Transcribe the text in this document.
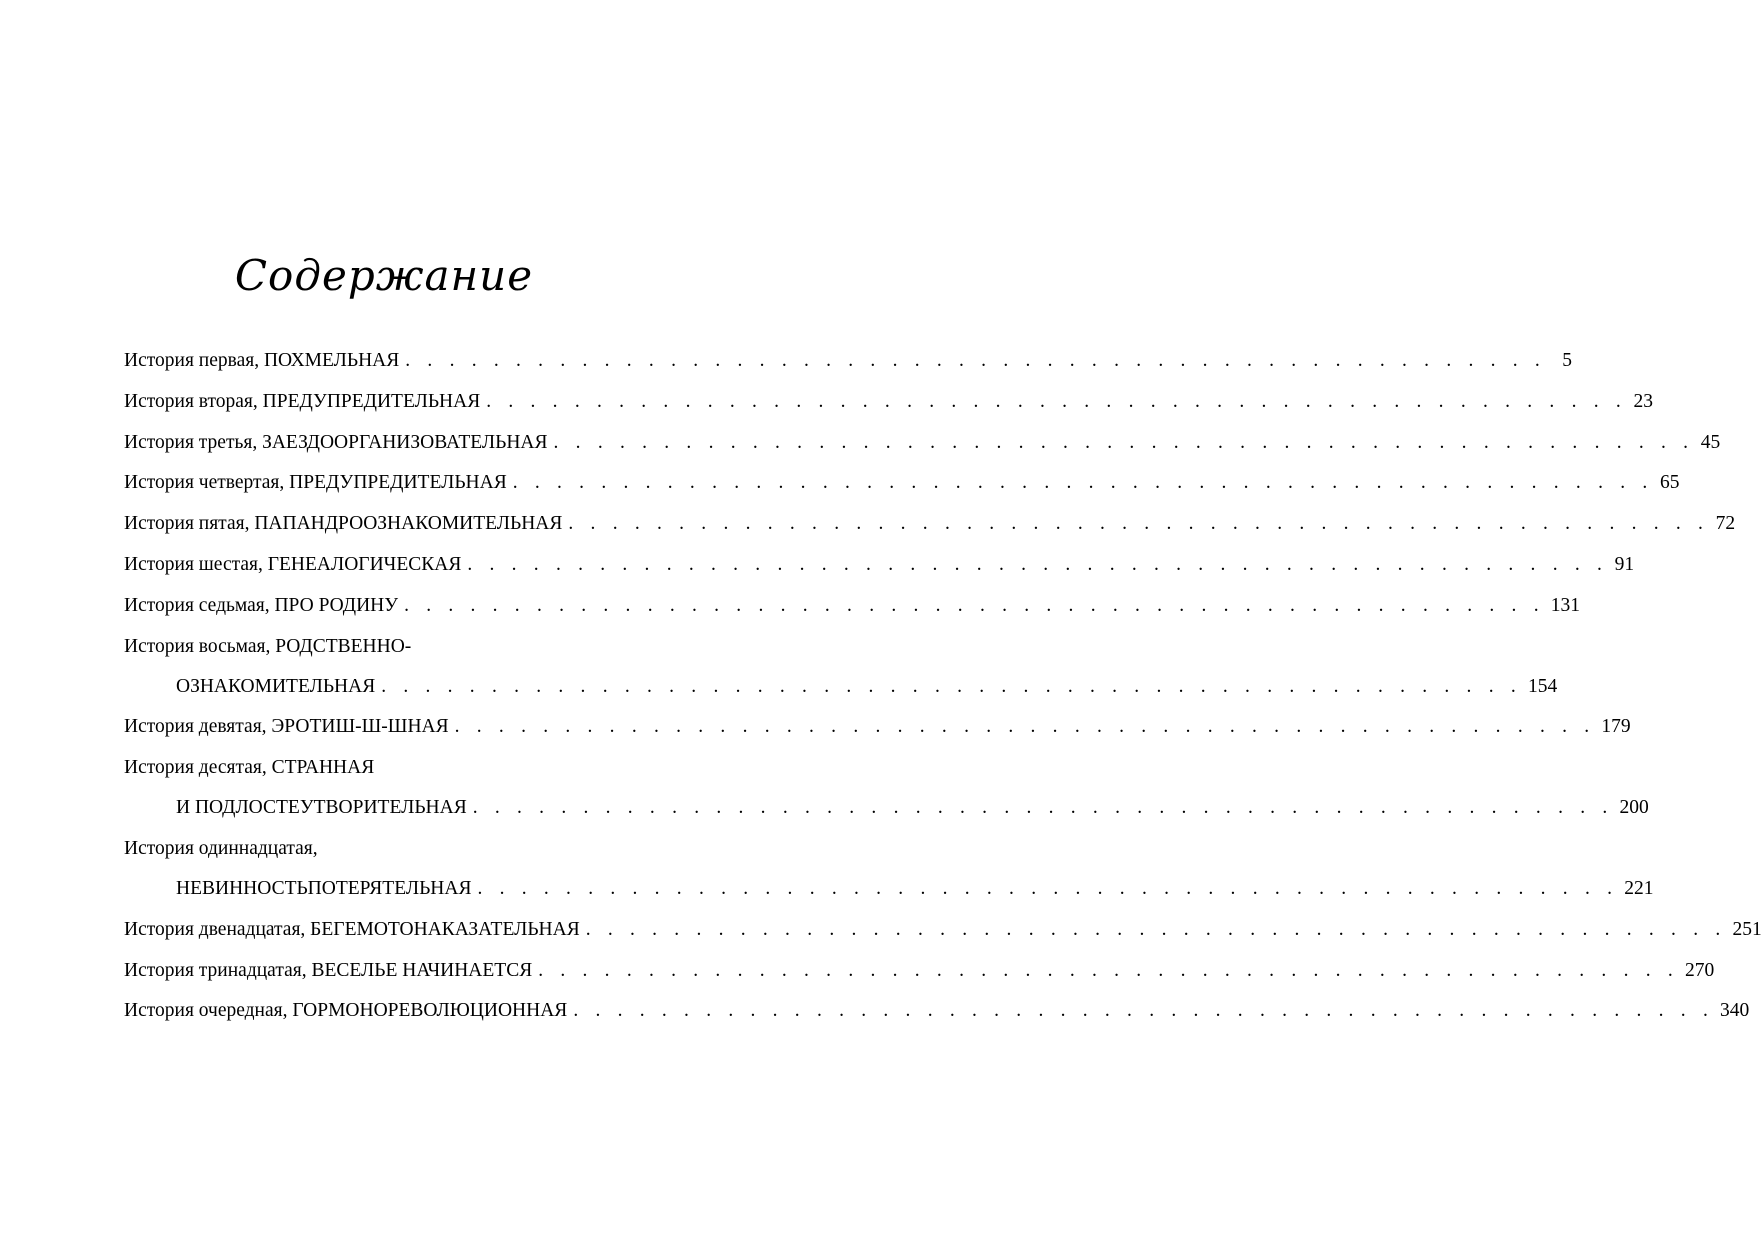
Содержание
История первая, ПОХМЕЛЬНАЯ . . . . . . . . . . . . . . . . . . . . . . . . . . . . . . . . . . . . . . . . . . . . . . . . . . . . 5
История вторая, ПРЕДУПРЕДИТЕЛЬНАЯ . . . . . . . . . . . . . . . . . . . . . . . . . . . . . . . . . . . . . . . . . . . . . . . . . . . . 23
История третья, ЗАЕЗДООРГАНИЗОВАТЕЛЬНАЯ . . . . . . . . . . . . . . . . . . . . . . . . . . . . . . . . . . . . . . . . . . . . . . . . . . . . 45
История четвертая, ПРЕДУПРЕДИТЕЛЬНАЯ . . . . . . . . . . . . . . . . . . . . . . . . . . . . . . . . . . . . . . . . . . . . . . . . . . . . 65
История пятая, ПАПАНДРООЗНАКОМИТЕЛЬНАЯ . . . . . . . . . . . . . . . . . . . . . . . . . . . . . . . . . . . . . . . . . . . . . . . . . . . . 72
История шестая, ГЕНЕАЛОГИЧЕСКАЯ . . . . . . . . . . . . . . . . . . . . . . . . . . . . . . . . . . . . . . . . . . . . . . . . . . . . 91
История седьмая, ПРО РОДИНУ . . . . . . . . . . . . . . . . . . . . . . . . . . . . . . . . . . . . . . . . . . . . . . . . . . . . 131
История восьмая, РОДСТВЕННО-
ОЗНАКОМИТЕЛЬНАЯ . . . . . . . . . . . . . . . . . . . . . . . . . . . . . . . . . . . . . . . . . . . . . . . . . . . . 154
История девятая, ЭРОТИШ-Ш-ШНАЯ . . . . . . . . . . . . . . . . . . . . . . . . . . . . . . . . . . . . . . . . . . . . . . . . . . . . 179
История десятая, СТРАННАЯ
И ПОДЛОСТЕУТВОРИТЕЛЬНАЯ . . . . . . . . . . . . . . . . . . . . . . . . . . . . . . . . . . . . . . . . . . . . . . . . . . . . 200
История одиннадцатая,
НЕВИННОСТЬПОТЕРЯТЕЛЬНАЯ . . . . . . . . . . . . . . . . . . . . . . . . . . . . . . . . . . . . . . . . . . . . . . . . . . . . 221
История двенадцатая, БЕГЕМОТОНАКАЗАТЕЛЬНАЯ . . . . . . . . . . . . . . . . . . . . . . . . . . . . . . . . . . . . . . . . . . . . . . . . . . . . 251
История тринадцатая, ВЕСЕЛЬЕ НАЧИНАЕТСЯ . . . . . . . . . . . . . . . . . . . . . . . . . . . . . . . . . . . . . . . . . . . . . . . . . . . . 270
История очередная, ГОРМОНОРЕВОЛЮЦИОННАЯ . . . . . . . . . . . . . . . . . . . . . . . . . . . . . . . . . . . . . . . . . . . . . . . . . . . . 340
